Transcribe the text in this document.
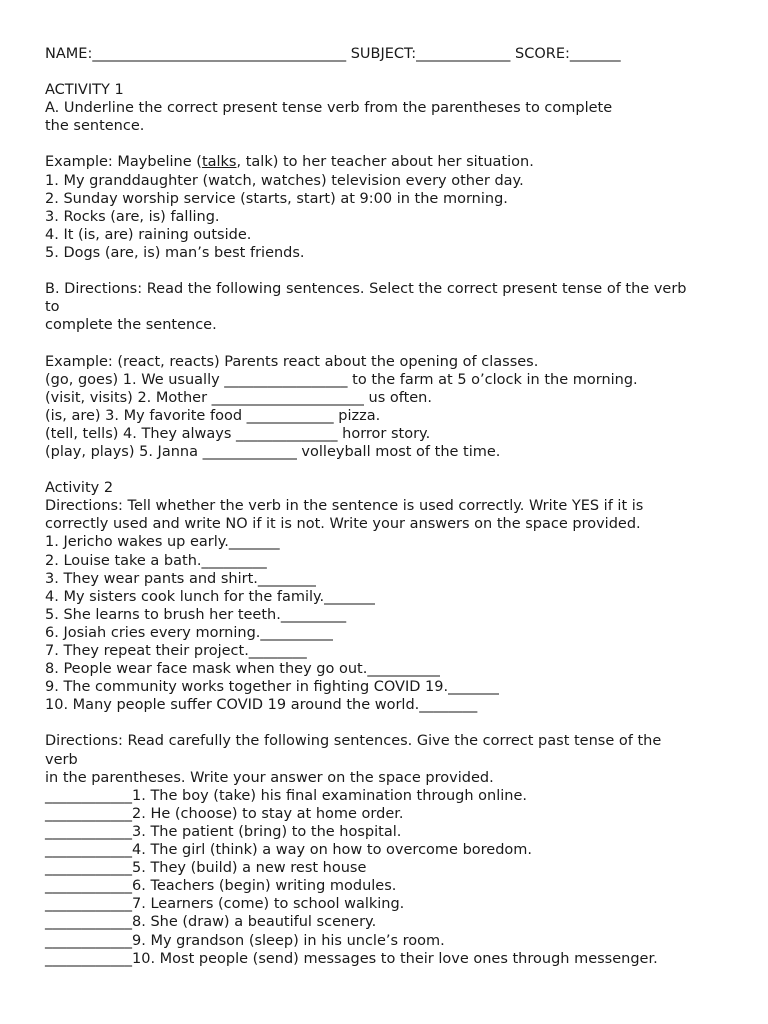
NAME:___________________________________ SUBJECT:_____________ SCORE:_______
ACTIVITY 1
A. Underline the correct present tense verb from the parentheses to complete
the sentence.
Example: Maybeline (talks, talk) to her teacher about her situation.
1. My granddaughter (watch, watches) television every other day.
2. Sunday worship service (starts, start) at 9:00 in the morning.
3. Rocks (are, is) falling.
4. It (is, are) raining outside.
5. Dogs (are, is) man’s best friends.
B. Directions: Read the following sentences. Select the correct present tense of the verb
to
complete the sentence.
Example: (react, reacts) Parents react about the opening of classes.
(go, goes) 1. We usually _________________ to the farm at 5 o’clock in the morning.
(visit, visits) 2. Mother _____________________ us often.
(is, are) 3. My favorite food ____________ pizza.
(tell, tells) 4. They always ______________ horror story.
(play, plays) 5. Janna _____________ volleyball most of the time.
Activity 2
Directions: Tell whether the verb in the sentence is used correctly. Write YES if it is
correctly used and write NO if it is not. Write your answers on the space provided.
1. Jericho wakes up early._______
2. Louise take a bath._________
3. They wear pants and shirt.________
4. My sisters cook lunch for the family._______
5. She learns to brush her teeth._________
6. Josiah cries every morning.__________
7. They repeat their project.________
8. People wear face mask when they go out.__________
9. The community works together in fighting COVID 19._______
10. Many people suffer COVID 19 around the world.________
Directions: Read carefully the following sentences. Give the correct past tense of the
verb
in the parentheses. Write your answer on the space provided.
____________1. The boy (take) his final examination through online.
____________2. He (choose) to stay at home order.
____________3. The patient (bring) to the hospital.
____________4. The girl (think) a way on how to overcome boredom.
____________5. They (build) a new rest house
____________6. Teachers (begin) writing modules.
____________7. Learners (come) to school walking.
____________8. She (draw) a beautiful scenery.
____________9. My grandson (sleep) in his uncle’s room.
____________10. Most people (send) messages to their love ones through messenger.
